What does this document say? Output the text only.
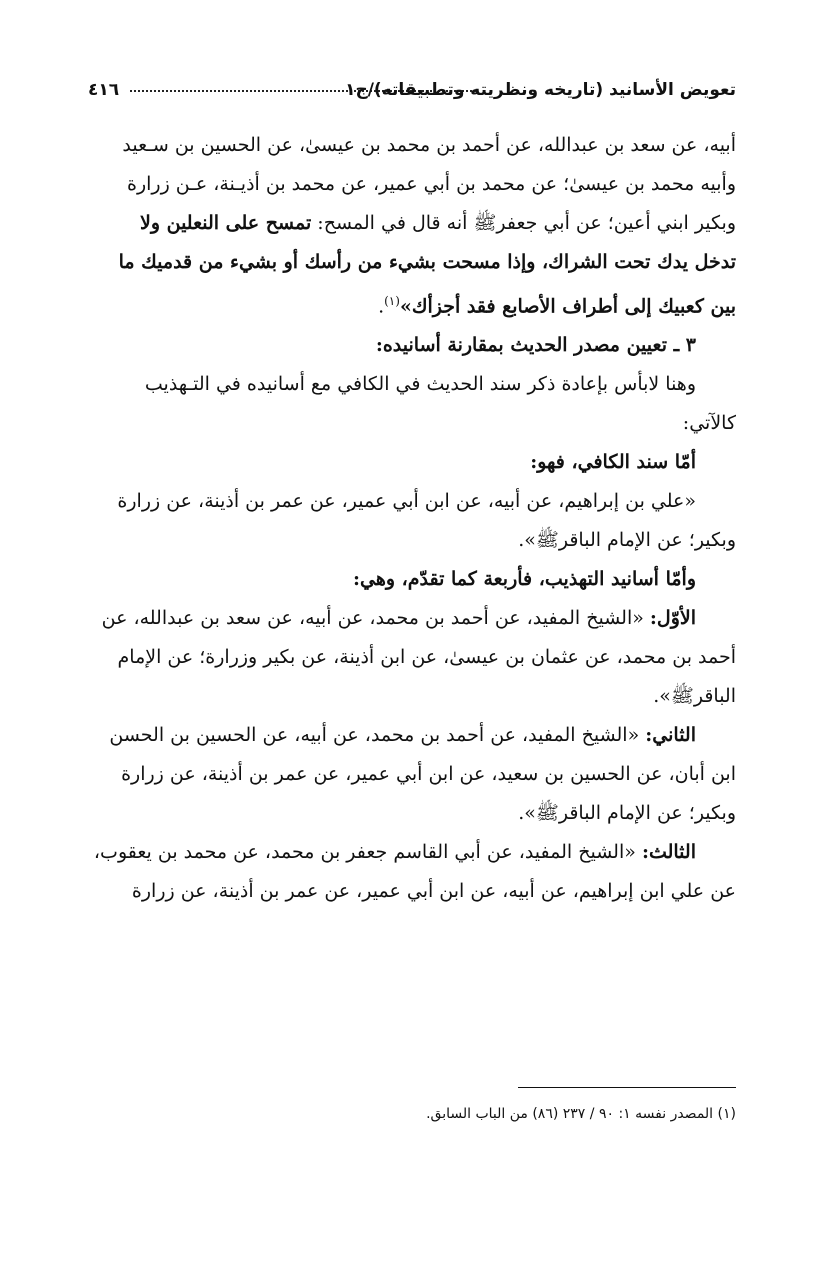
٤١٦	تعويض الأسانيد (تاريخه ونظريته وتطبيقاته)/ج١
أبيه، عن سعد بن عبدالله، عن أحمد بن محمد بن عيسىٰ، عن الحسين بن سـعيد
وأبيه محمد بن عيسىٰ؛ عن محمد بن أبي عمير، عن محمد بن أذيـنة، عـن زرارة
وبكير ابني أعين؛ عن أبي جعفرﷺ أنه قال في المسح: تمسح على النعلين ولا
تدخل يدك تحت الشراك، وإذا مسحت بشيء من رأسك أو بشيء من قدميك ما
بين كعبيك إلى أطراف الأصابع فقد أجزأك»$^{(١)}$.
٣ ـ تعيين مصدر الحديث بمقارنة أسانيده:
وهنا لابأس بإعادة ذكر سند الحديث في الكافي مع أسانيده في التـهذيب
كالآتي:
أمّا سند الكافي، فهو:
«علي بن إبراهيم، عن أبيه، عن ابن أبي عمير، عن عمر بن أذينة، عن زرارة
وبكير؛ عن الإمام الباقرﷺ».
وأمّا أسانيد التهذيب، فأربعة كما تقدّم، وهي:
الأوّل: «الشيخ المفيد، عن أحمد بن محمد، عن أبيه، عن سعد بن عبدالله، عن
أحمد بن محمد، عن عثمان بن عيسىٰ، عن ابن أذينة، عن بكير وزرارة؛ عن الإمام
الباقرﷺ».
الثاني: «الشيخ المفيد، عن أحمد بن محمد، عن أبيه، عن الحسين بن الحسن
ابن أبان، عن الحسين بن سعيد، عن ابن أبي عمير، عن عمر بن أذينة، عن زرارة
وبكير؛ عن الإمام الباقرﷺ».
الثالث: «الشيخ المفيد، عن أبي القاسم جعفر بن محمد، عن محمد بن يعقوب،
عن علي ابن إبراهيم، عن أبيه، عن ابن أبي عمير، عن عمر بن أذينة، عن زرارة
(١) المصدر نفسه ١: ٩٠ / ٢٣٧ (٨٦) من الباب السابق.
